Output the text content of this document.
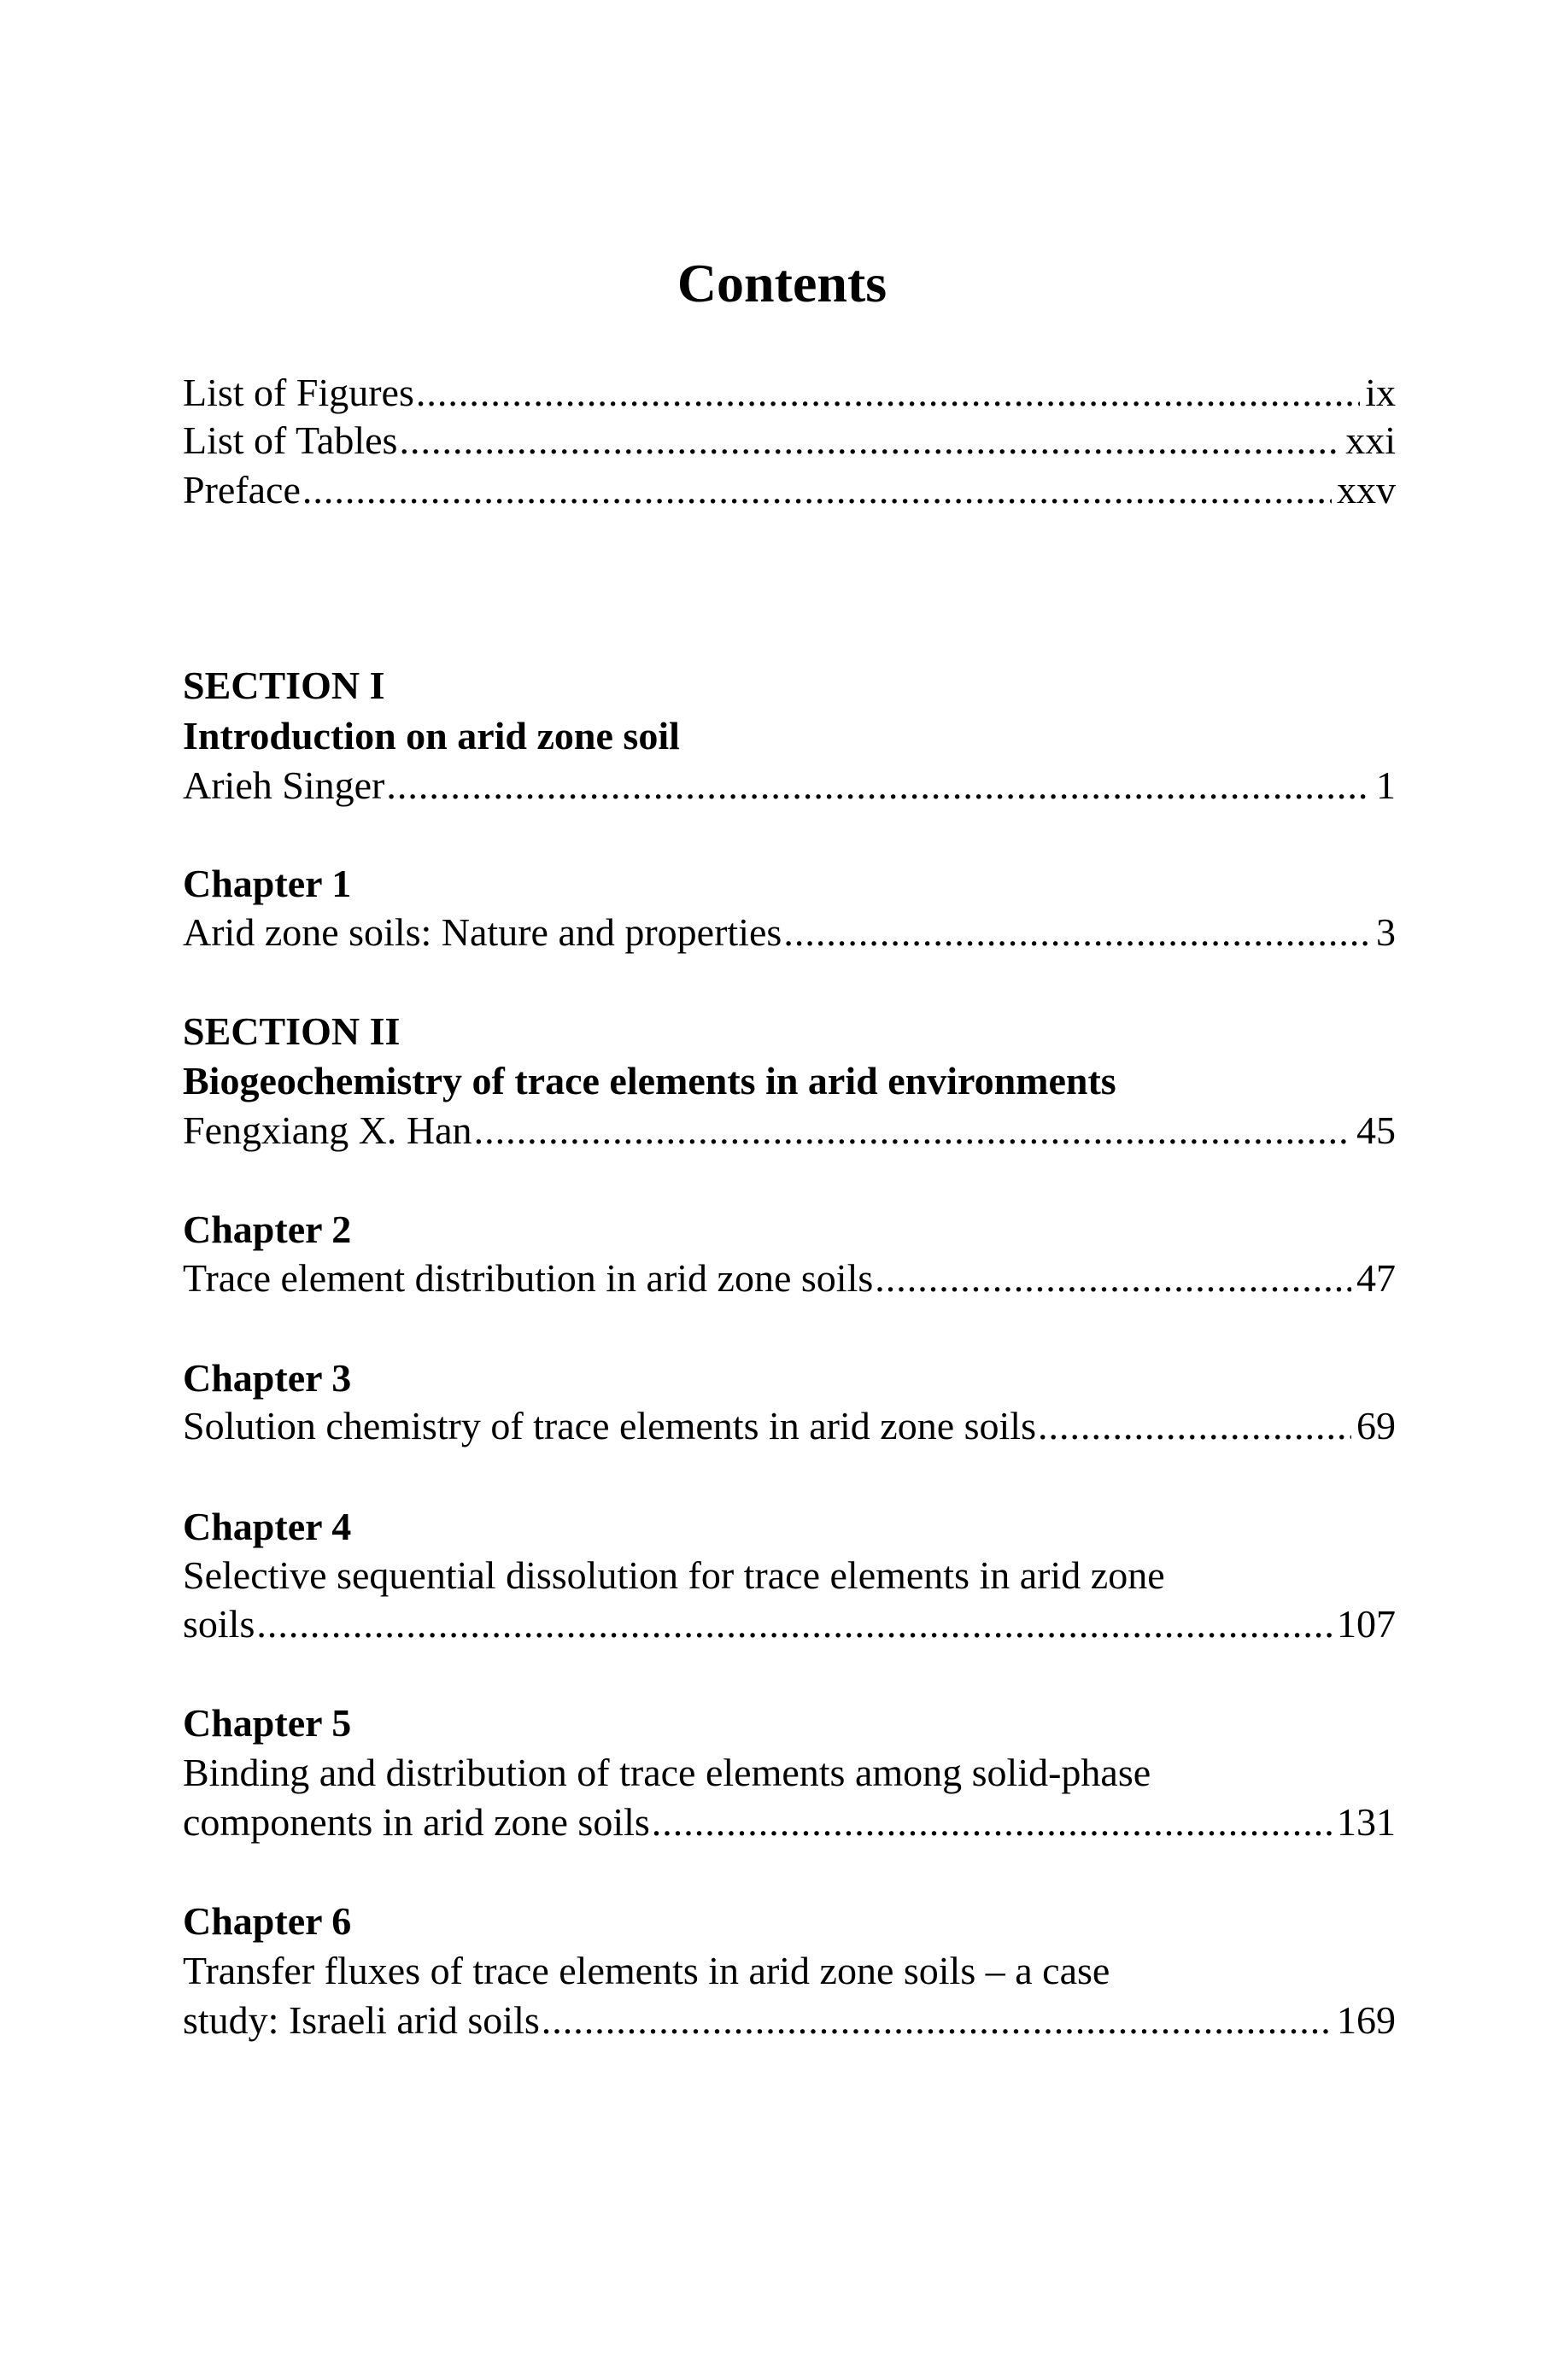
Contents
List of Figures .....	ix
List of Tables .....	xxi
Preface .....	xxv
SECTION I
Introduction on arid zone soil
Arieh Singer .....	1
Chapter 1
Arid zone soils: Nature and properties .....	3
SECTION II
Biogeochemistry of trace elements in arid environments
Fengxiang X. Han .....	45
Chapter 2
Trace element distribution in arid zone soils .....	47
Chapter 3
Solution chemistry of trace elements in arid zone soils .....	69
Chapter 4
Selective sequential dissolution for trace elements in arid zone
soils .....	107
Chapter 5
Binding and distribution of trace elements among solid-phase
components in arid zone soils .....	131
Chapter 6
Transfer fluxes of trace elements in arid zone soils – a case
study: Israeli arid soils .....	169
